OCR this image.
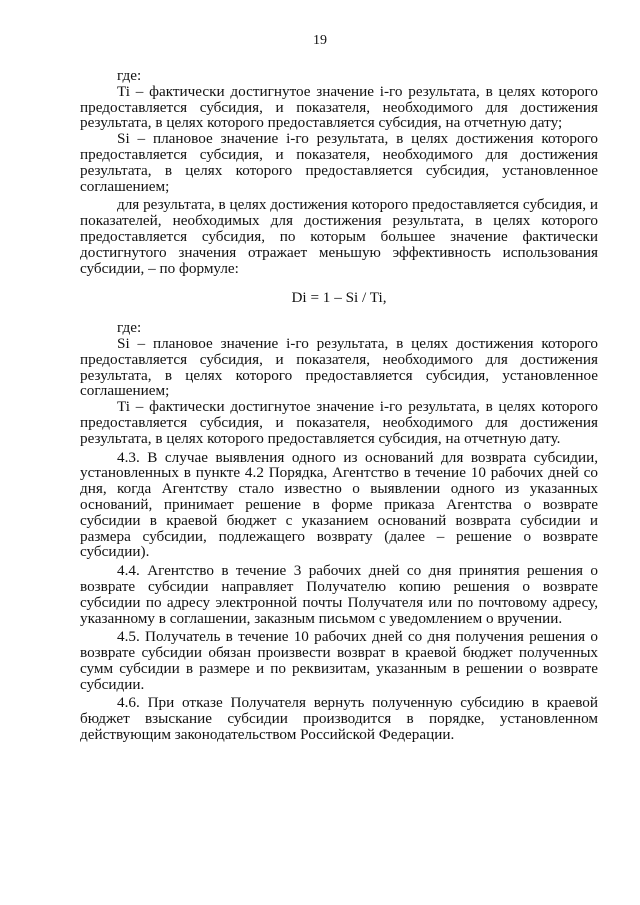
19

где:

Ti – фактически достигнутое значение i-го результата, в целях которого предоставляется субсидия, и показателя, необходимого для достижения результата, в целях которого предоставляется субсидия, на отчетную дату;

Si – плановое значение i-го результата, в целях достижения которого предоставляется субсидия, и показателя, необходимого для достижения результата, в целях которого предоставляется субсидия, установленное соглашением;

для результата, в целях достижения которого предоставляется субсидия, и показателей, необходимых для достижения результата, в целях которого предоставляется субсидия, по которым большее значение фактически достигнутого значения отражает меньшую эффективность использования субсидии, – по формуле:

Di = 1 – Si / Ti,

где:

Si – плановое значение i-го результата, в целях достижения которого предоставляется субсидия, и показателя, необходимого для достижения результата, в целях которого предоставляется субсидия, установленное соглашением;

Ti – фактически достигнутое значение i-го результата, в целях которого предоставляется субсидия, и показателя, необходимого для достижения результата, в целях которого предоставляется субсидия, на отчетную дату.

4.3. В случае выявления одного из оснований для возврата субсидии, установленных в пункте 4.2 Порядка, Агентство в течение 10 рабочих дней со дня, когда Агентству стало известно о выявлении одного из указанных оснований, принимает решение в форме приказа Агентства о возврате субсидии в краевой бюджет с указанием оснований возврата субсидии и размера субсидии, подлежащего возврату (далее – решение о возврате субсидии).

4.4. Агентство в течение 3 рабочих дней со дня принятия решения о возврате субсидии направляет Получателю копию решения о возврате субсидии по адресу электронной почты Получателя или по почтовому адресу, указанному в соглашении, заказным письмом с уведомлением о вручении.

4.5. Получатель в течение 10 рабочих дней со дня получения решения о возврате субсидии обязан произвести возврат в краевой бюджет полученных сумм субсидии в размере и по реквизитам, указанным в решении о возврате субсидии.

4.6. При отказе Получателя вернуть полученную субсидию в краевой бюджет взыскание субсидии производится в порядке, установленном действующим законодательством Российской Федерации.
